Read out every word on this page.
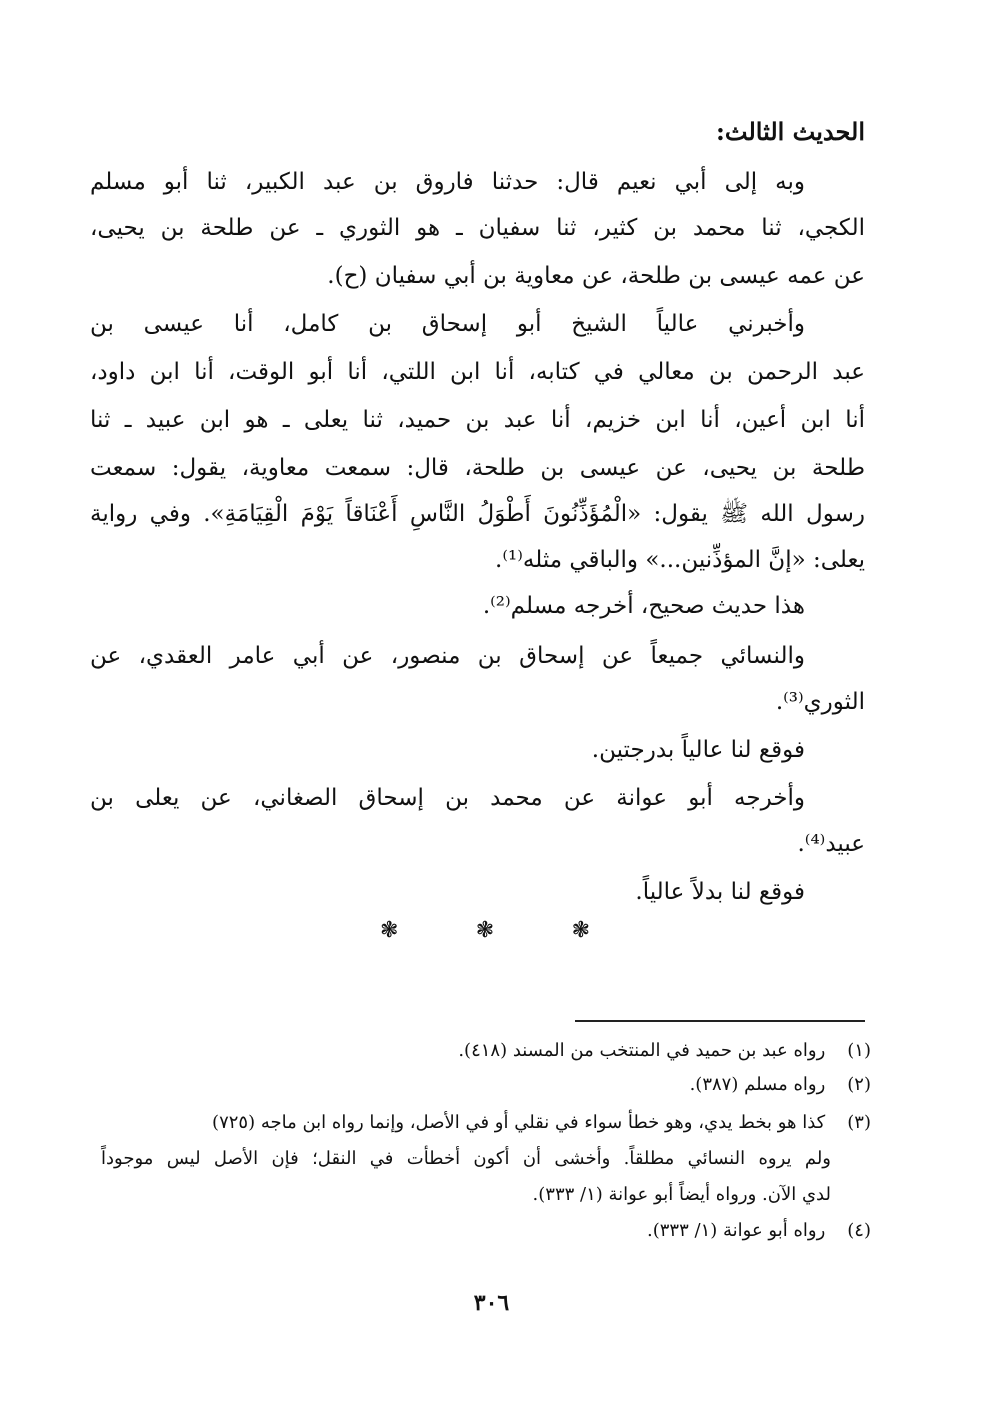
الحديث الثالث:
وبه إلى أبي نعيم قال: حدثنا فاروق بن عبد الكبير، ثنا أبو مسلم
الكجي، ثنا محمد بن كثير، ثنا سفيان ـ هو الثوري ـ عن طلحة بن يحيى،
عن عمه عيسى بن طلحة، عن معاوية بن أبي سفيان (ح).
وأخبرني عالياً الشيخ أبو إسحاق بن كامل، أنا عيسى بن
عبد الرحمن بن معالي في كتابه، أنا ابن اللتي، أنا أبو الوقت، أنا ابن داود،
أنا ابن أعين، أنا ابن خزيم، أنا عبد بن حميد، ثنا يعلى ـ هو ابن عبيد ـ ثنا
طلحة بن يحيى، عن عيسى بن طلحة، قال: سمعت معاوية، يقول: سمعت
رسول الله ﷺ يقول: «الْمُؤَذِّنُونَ أَطْوَلُ النَّاسِ أَعْنَاقاً يَوْمَ الْقِيَامَةِ». وفي رواية
يعلى: «إنَّ المؤذِّنين...» والباقي مثله⁽¹⁾.
هذا حديث صحيح، أخرجه مسلم⁽²⁾.
والنسائي جميعاً عن إسحاق بن منصور، عن أبي عامر العقدي، عن
الثوري⁽³⁾.
فوقع لنا عالياً بدرجتين.
وأخرجه أبو عوانة عن محمد بن إسحاق الصغاني، عن يعلى بن
عبيد⁽⁴⁾.
فوقع لنا بدلاً عالياً.
❃	❃	❃
(١) رواه عبد بن حميد في المنتخب من المسند (٤١٨).
(٢) رواه مسلم (٣٨٧).
(٣) كذا هو بخط يدي، وهو خطأ سواء في نقلي أو في الأصل، وإنما رواه ابن ماجه (٧٢٥)
ولم يروه النسائي مطلقاً. وأخشى أن أكون أخطأت في النقل؛ فإن الأصل ليس موجوداً
لدي الآن. ورواه أيضاً أبو عوانة (١/ ٣٣٣).
(٤) رواه أبو عوانة (١/ ٣٣٣).
٣٠٦
